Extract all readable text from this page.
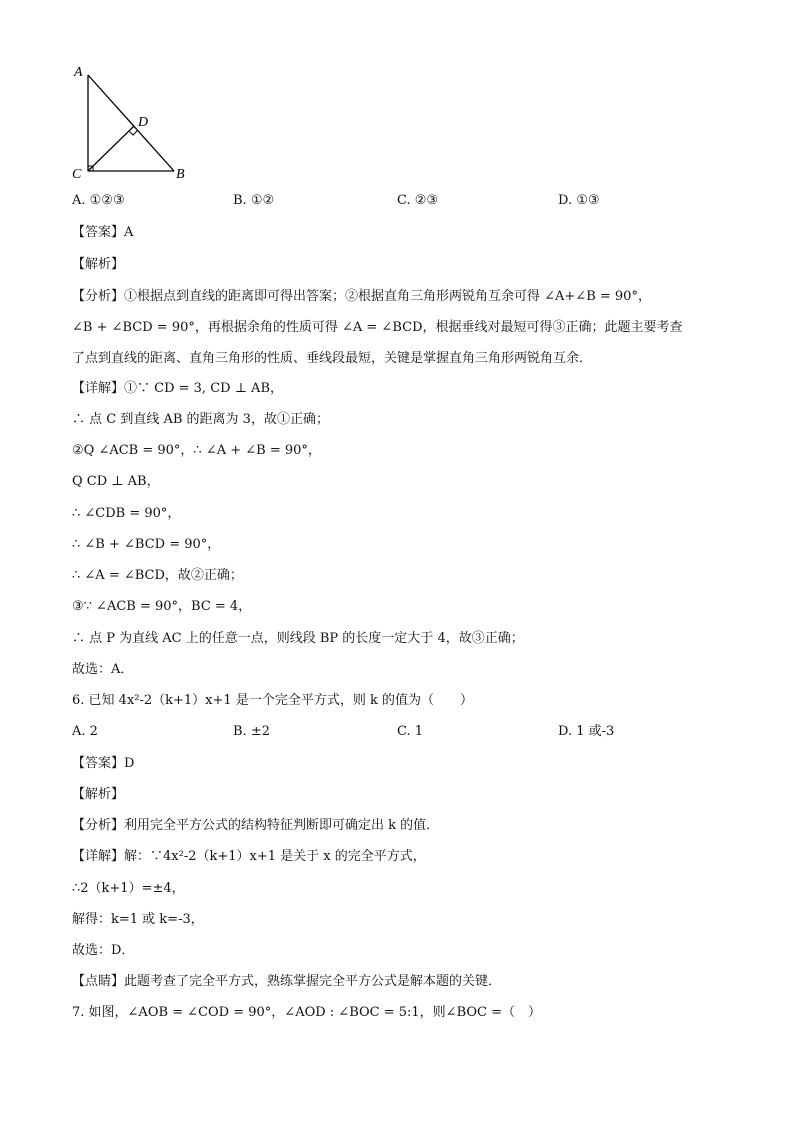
A
D
C	B
A. ①②③	B. ①②	C. ②③	D. ①③
【答案】A
【解析】
【分析】①根据点到直线的距离即可得出答案；②根据直角三角形两锐角互余可得 ∠A+∠B = 90°，
∠B + ∠BCD = 90°，再根据余角的性质可得 ∠A = ∠BCD，根据垂线对最短可得③正确；此题主要考查
了点到直线的距离、直角三角形的性质、垂线段最短，关键是掌握直角三角形两锐角互余．
【详解】①∵ CD = 3, CD ⊥ AB，
∴ 点 C 到直线 AB 的距离为 3，故①正确；
②Q ∠ACB = 90°，∴ ∠A + ∠B = 90°，
Q CD ⊥ AB，
∴ ∠CDB = 90°，
∴ ∠B + ∠BCD = 90°，
∴ ∠A = ∠BCD，故②正确；
③∵ ∠ACB = 90°，BC = 4，
∴ 点 P 为直线 AC 上的任意一点，则线段 BP 的长度一定大于 4，故③正确；
故选：A．
6. 已知 4x²-2（k+1）x+1 是一个完全平方式，则 k 的值为（　　）
A. 2	B. ±2	C. 1	D. 1 或-3
【答案】D
【解析】
【分析】利用完全平方公式的结构特征判断即可确定出 k 的值．
【详解】解：∵4x²-2（k+1）x+1 是关于 x 的完全平方式，
∴2（k+1）=±4，
解得：k=1 或 k=-3，
故选：D．
【点睛】此题考查了完全平方式，熟练掌握完全平方公式是解本题的关键．
7. 如图，∠AOB = ∠COD = 90°，∠AOD : ∠BOC = 5:1，则∠BOC =（　）
